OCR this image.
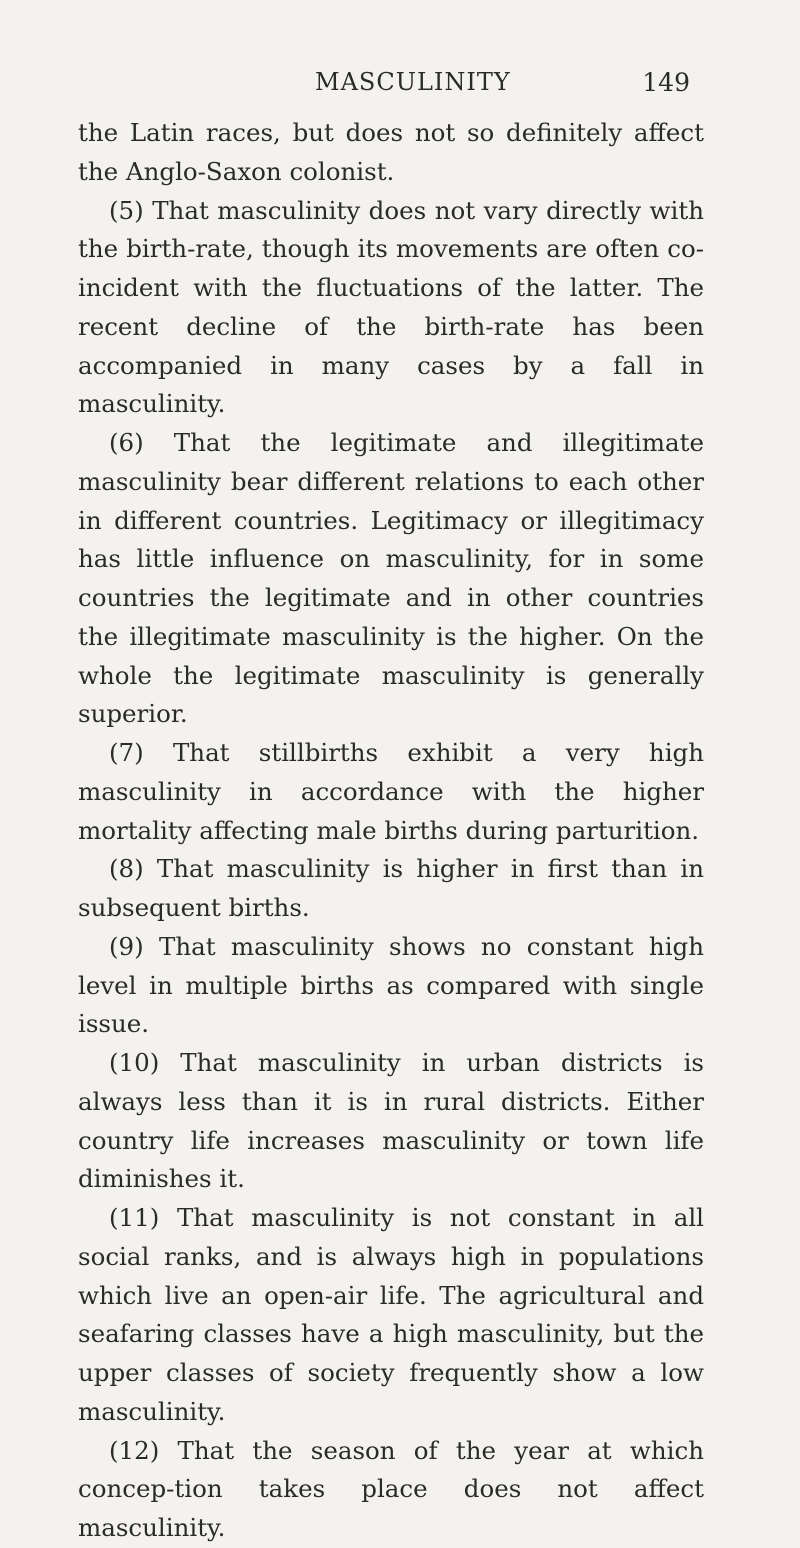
MASCULINITY	149

the Latin races, but does not so definitely affect the Anglo-Saxon colonist.

(5) That masculinity does not vary directly with the birth-rate, though its movements are often co-incident with the fluctuations of the latter. The recent decline of the birth-rate has been accompanied in many cases by a fall in masculinity.

(6) That the legitimate and illegitimate masculinity bear different relations to each other in different countries. Legitimacy or illegitimacy has little influence on masculinity, for in some countries the legitimate and in other countries the illegitimate masculinity is the higher. On the whole the legitimate masculinity is generally superior.

(7) That stillbirths exhibit a very high masculinity in accordance with the higher mortality affecting male births during parturition.

(8) That masculinity is higher in first than in subsequent births.

(9) That masculinity shows no constant high level in multiple births as compared with single issue.

(10) That masculinity in urban districts is always less than it is in rural districts. Either country life increases masculinity or town life diminishes it.

(11) That masculinity is not constant in all social ranks, and is always high in populations which live an open-air life. The agricultural and seafaring classes have a high masculinity, but the upper classes of society frequently show a low masculinity.

(12) That the season of the year at which concep-tion takes place does not affect masculinity.
